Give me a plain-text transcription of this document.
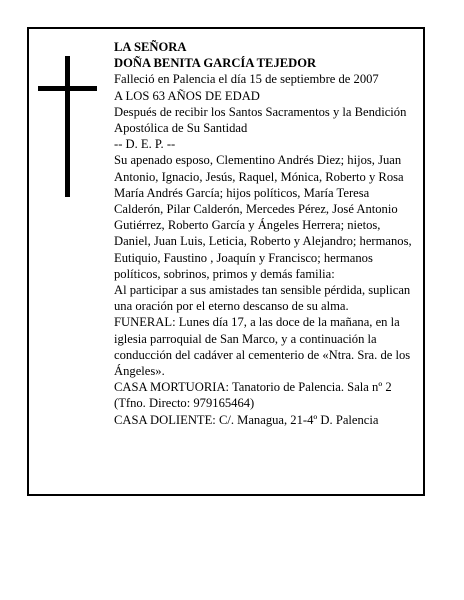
LA SEÑORA

DOÑA BENITA GARCÍA TEJEDOR

Falleció en Palencia el día 15 de septiembre de 2007

A LOS 63 AÑOS DE EDAD

Después de recibir los Santos Sacramentos y la Bendición Apostólica de Su Santidad

-- D. E. P. --

Su apenado esposo, Clementino Andrés Diez; hijos, Juan Antonio, Ignacio, Jesús, Raquel, Mónica, Roberto y Rosa María Andrés García; hijos políticos, María Teresa Calderón, Pilar Calderón, Mercedes Pérez, José Antonio Gutiérrez, Roberto García y Ángeles Herrera; nietos, Daniel, Juan Luis, Leticia, Roberto y Alejandro; hermanos, Eutiquio, Faustino , Joaquín y Francisco; hermanos políticos, sobrinos, primos y demás familia:

Al participar a sus amistades tan sensible pérdida, suplican una oración por el eterno descanso de su alma.

FUNERAL: Lunes día 17, a las doce de la mañana, en la iglesia parroquial de San Marco, y a continuación la conducción del cadáver al cementerio de «Ntra. Sra. de los Ángeles».

CASA MORTUORIA: Tanatorio de Palencia. Sala nº 2 (Tfno. Directo: 979165464)

CASA DOLIENTE: C/. Managua, 21-4º D. Palencia
